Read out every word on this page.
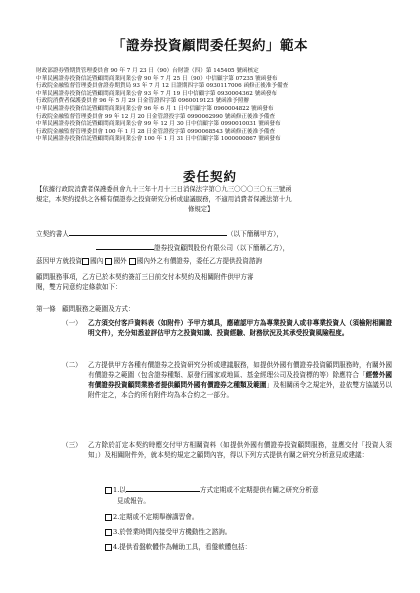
「證券投資顧問委任契約」範本
財政部證券暨期貨管理委員會 90 年 7 月 23 日（90）台財證（四）第 145405 號函核定
中華民國證券投資信託暨顧問商業同業公會 90 年 7 月 25 日（90）中信顧字第 07235 號函發布
行政院金融監督管理委員會證券期貨局 93 年 7 月 12 日證期四字第 0930117006 函修正後准予備查
中華民國證券投資信託暨顧問商業同業公會 93 年 7 月 19 日中信顧字第 0930004362 號函發布
行政院消費者保護委員會 96 年 5 月 29 日金管證四字第 0960019123 號函准予照辦
中華民國證券投資信託暨顧問商業同業公會 96 年 6 月 1 日中信顧字第 0960004822 號函發布
行政院金融監督管理委員會 99 年 12 月 20 日金管證投字第 0990062990 號函修正後准予備查
中華民國證券投資信託暨顧問商業同業公會 99 年 12 月 30 日中信顧字第 0990010031 號函發布
行政院金融監督管理委員會 100 年 1 月 28 日金管證投字第 0990068543 號函修正後准予備查
中華民國證券投資信託暨顧問商業同業公會 100 年 1 月 31 日中信顧字第 1000000867 號函發布
委任契約
【依據行政院消費者保護委員會九十三年十月十三日消保法字第〇九三〇〇〇三〇五三號函
規定，本契約提供之各種有價證券之投資研究分析或建議服務，不適用消費者保護法第十九
條規定】
立契約書人	（以下簡稱甲方），
證券投資顧問股份有限公司（以下簡稱乙方），
茲因甲方就投資 國內 國外 國內外之有價證券，委任乙方提供投資諮詢
顧問服務事項，乙方已於本契約簽訂三日前交付本契約及相關附件供甲方審
閱，雙方同意約定條款如下：
第一條 顧問服務之範圍及方式：
（一） 乙方須交付客戶資料表（如附件）予甲方填具，應確認甲方為專業投資人或非專業投資人（須檢附相關證明文件），充分知悉並評估甲方之投資知識、投資經驗、財務狀況及其承受投資風險程度。
（二） 乙方提供甲方各種有價證券之投資研究分析或建議服務，如提供外國有價證券投資顧問服務時，有關外國有價證券之範圍（包含證券種類、原發行國家或地區、基金經理公司及投資標的等）除應符合「經營外國有價證券投資顧問業務者提供顧問外國有價證券之種類及範圍」及相關函令之規定外，並依雙方協議另以附件定之，本合約所有附件均為本合約之一部分。
（三） 乙方除於訂定本契約時應交付甲方相關資料（如提供外國有價證券投資顧問服務，並應交付「投資人須知」）及相關附件外，就本契約規定之顧問內容，得以下列方式提供有關之研究分析意見或建議：
1.以	方式定期或不定期提供有關之研究分析意
見或報告。
2.定期或不定期舉辦講習會。
3.於營業時間內接受甲方機動性之諮詢。
4.提供看盤軟體作為輔助工具，看盤軟體包括：
